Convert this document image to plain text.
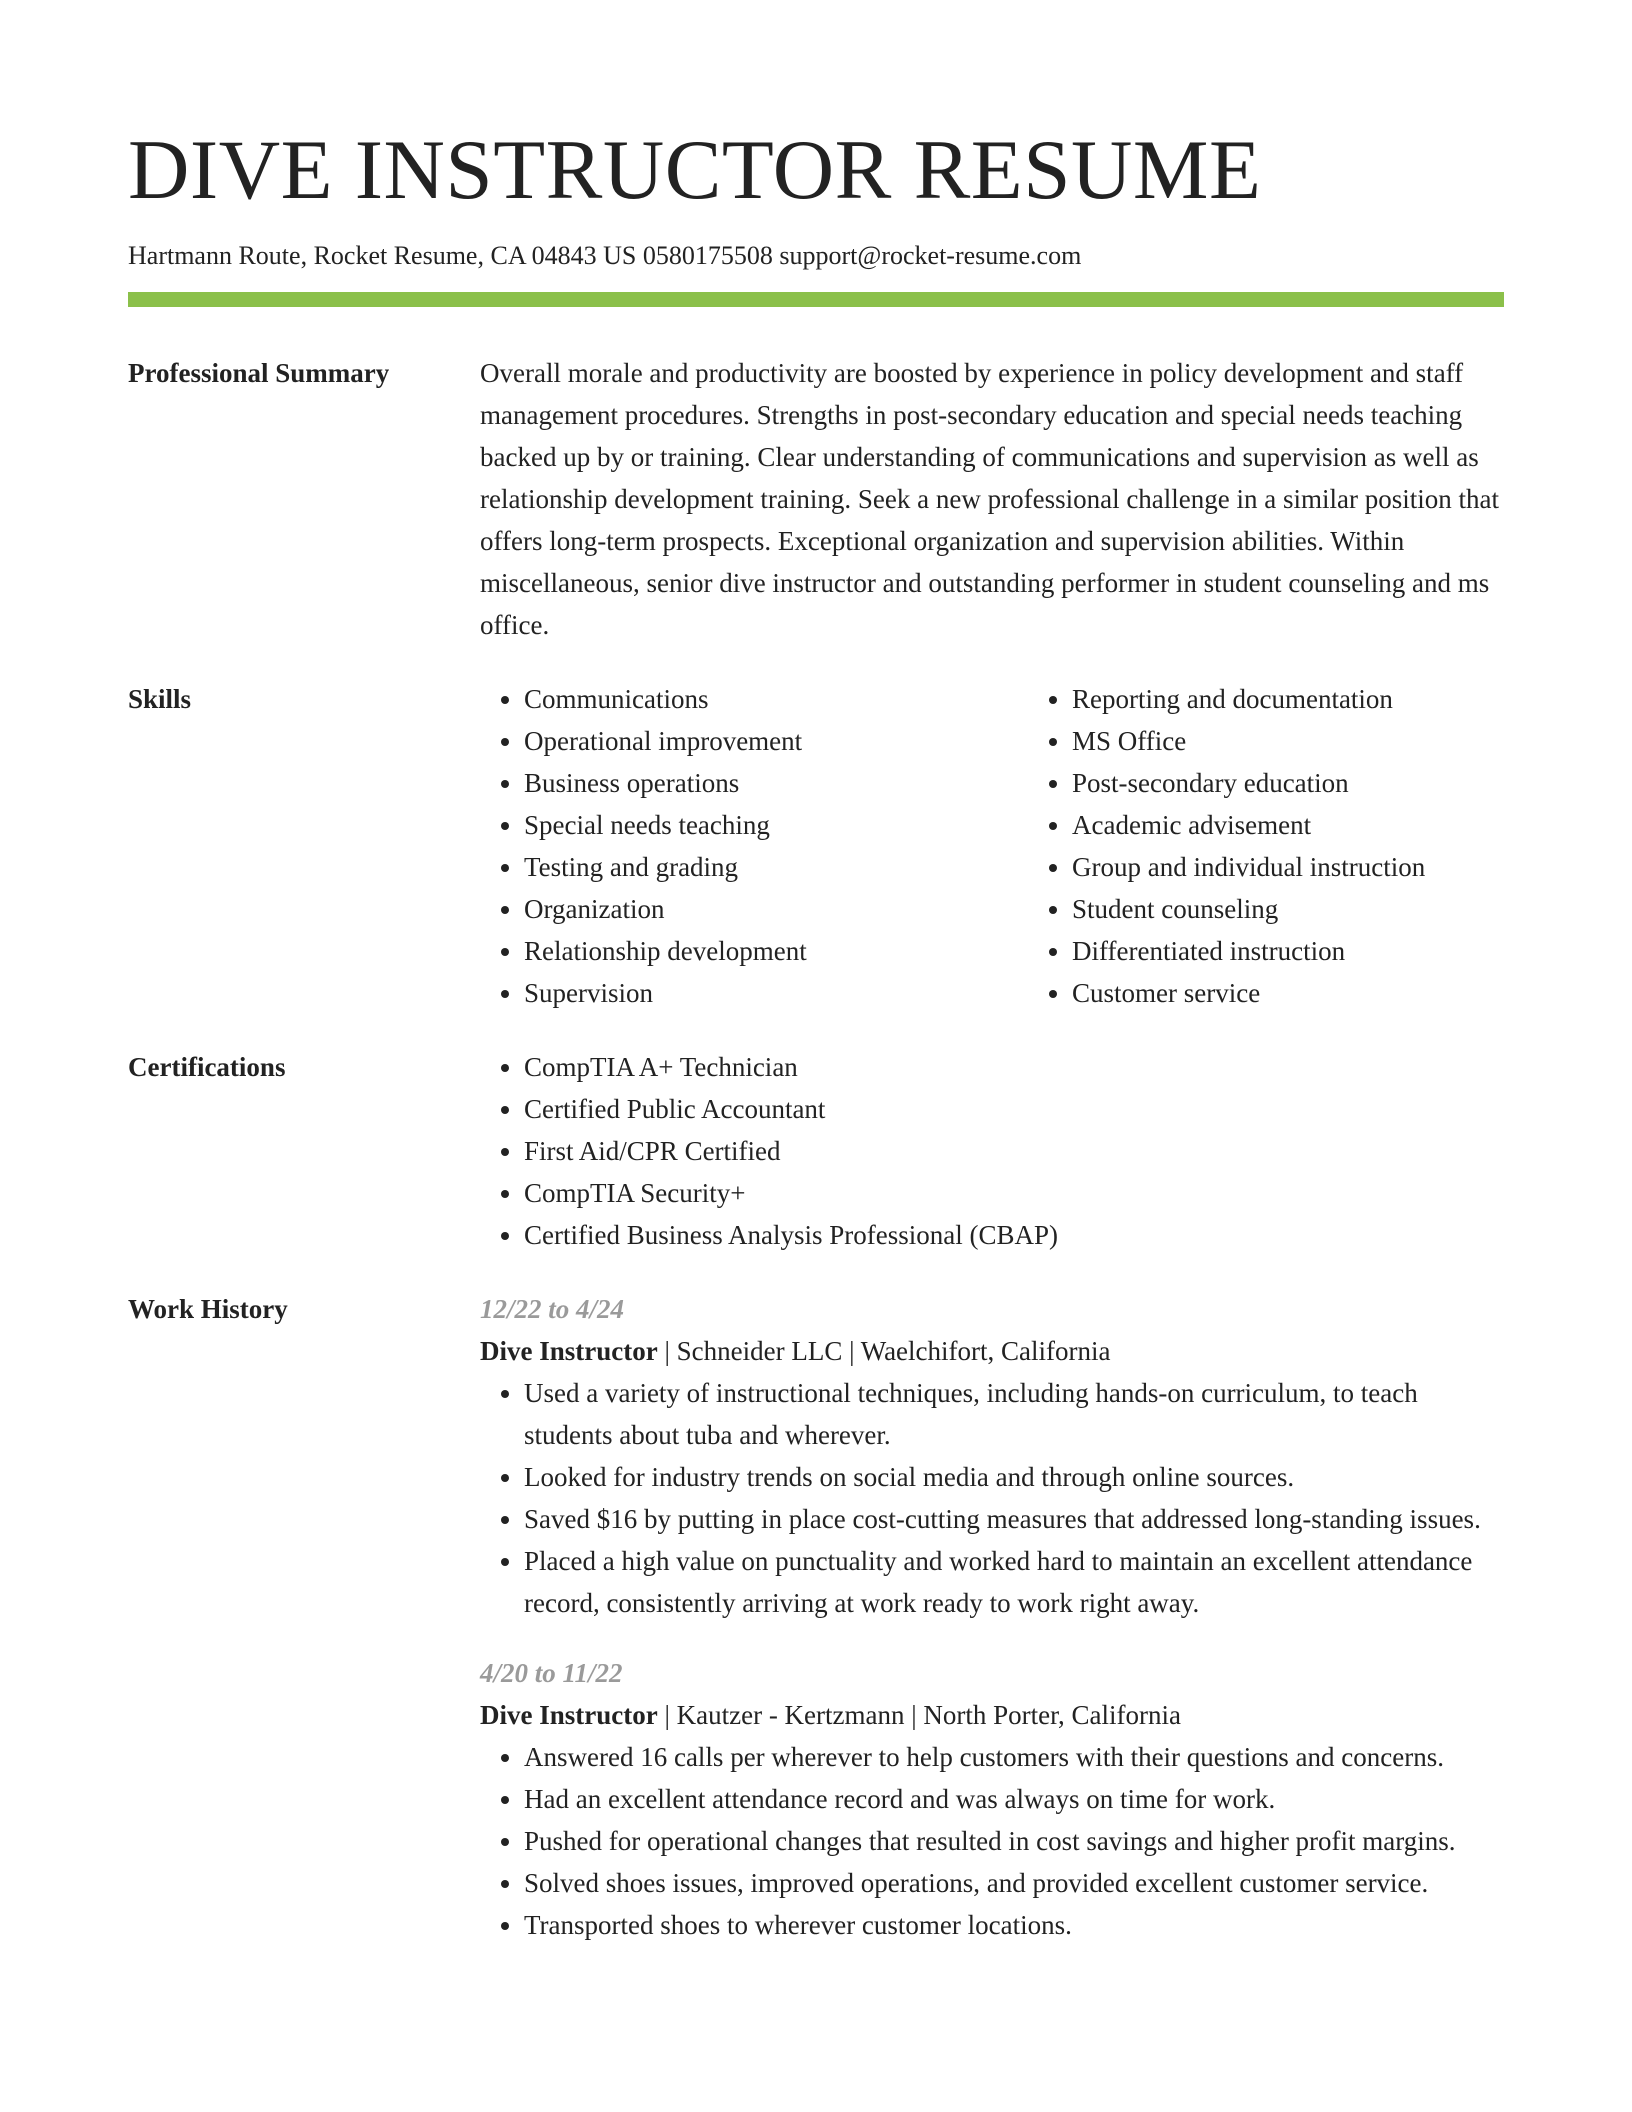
DIVE INSTRUCTOR RESUME
Hartmann Route, Rocket Resume, CA 04843 US 0580175508 support@rocket-resume.com
Professional Summary	Overall morale and productivity are boosted by experience in policy development and staff management procedures. Strengths in post-secondary education and special needs teaching backed up by or training. Clear understanding of communications and supervision as well as relationship development training. Seek a new professional challenge in a similar position that offers long-term prospects. Exceptional organization and supervision abilities. Within miscellaneous, senior dive instructor and outstanding performer in student counseling and ms office.

Skills	• Communications
• Operational improvement
• Business operations
• Special needs teaching
• Testing and grading
• Organization
• Relationship development
• Supervision
• Reporting and documentation
• MS Office
• Post-secondary education
• Academic advisement
• Group and individual instruction
• Student counseling
• Differentiated instruction
• Customer service
Certifications	• CompTIA A+ Technician
• Certified Public Accountant
• First Aid/CPR Certified
• CompTIA Security+
• Certified Business Analysis Professional (CBAP)
Work History	12/22 to 4/24
Dive Instructor | Schneider LLC | Waelchifort, California
• Used a variety of instructional techniques, including hands-on curriculum, to teach students about tuba and wherever.
• Looked for industry trends on social media and through online sources.
• Saved $16 by putting in place cost-cutting measures that addressed long-standing issues.
• Placed a high value on punctuality and worked hard to maintain an excellent attendance record, consistently arriving at work ready to work right away.
4/20 to 11/22
Dive Instructor | Kautzer - Kertzmann | North Porter, California
• Answered 16 calls per wherever to help customers with their questions and concerns.
• Had an excellent attendance record and was always on time for work.
• Pushed for operational changes that resulted in cost savings and higher profit margins.
• Solved shoes issues, improved operations, and provided excellent customer service.
• Transported shoes to wherever customer locations.
